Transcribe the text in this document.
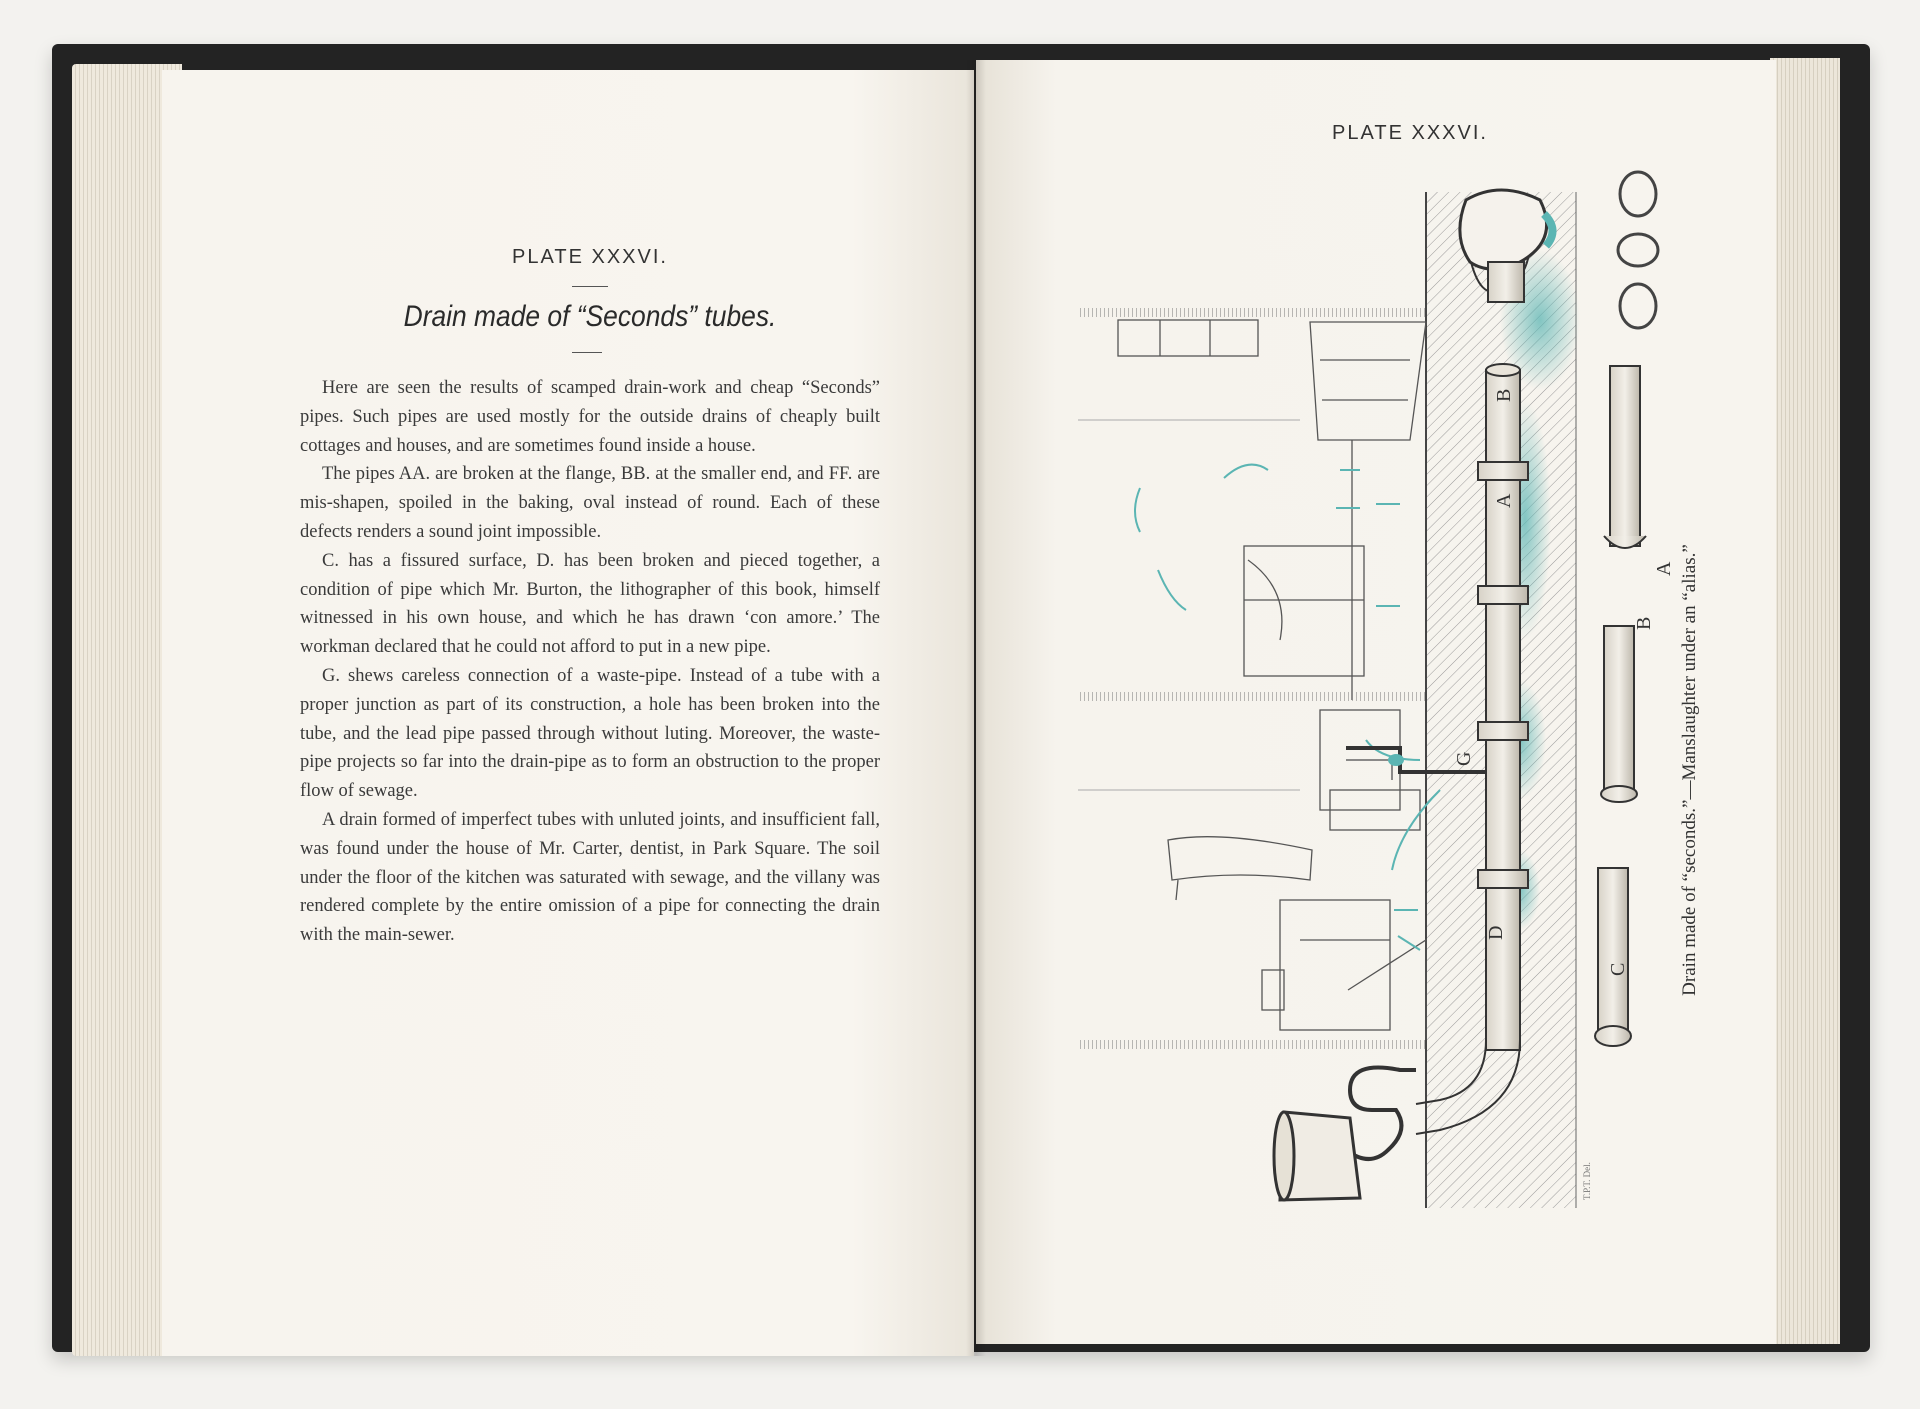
PLATE XXXVI.
Drain made of “Seconds” tubes.

Here are seen the results of scamped drain-work and cheap “Seconds” pipes. Such pipes are used mostly for the outside drains of cheaply built cottages and houses, and are sometimes found inside a house.

The pipes AA. are broken at the flange, BB. at the smaller end, and FF. are mis-shapen, spoiled in the baking, oval instead of round. Each of these defects renders a sound joint impossible.

C. has a fissured surface, D. has been broken and pieced together, a condition of pipe which Mr. Burton, the lithographer of this book, himself witnessed in his own house, and which he has drawn ‘con amore.’ The workman declared that he could not afford to put in a new pipe.

G. shews careless connection of a waste-pipe. Instead of a tube with a proper junction as part of its construction, a hole has been broken into the tube, and the lead pipe passed through without luting. Moreover, the waste-pipe projects so far into the drain-pipe as to form an obstruction to the proper flow of sewage.

A drain formed of imperfect tubes with unluted joints, and insufficient fall, was found under the house of Mr. Carter, dentist, in Park Square. The soil under the floor of the kitchen was saturated with sewage, and the villany was rendered complete by the entire omission of a pipe for connecting the drain with the main-sewer.

PLATE XXXVI.
A
B
G
D
B
A
C
T.P.T. Del.
Drain made of “seconds.”—Manslaughter under an “alias.”
